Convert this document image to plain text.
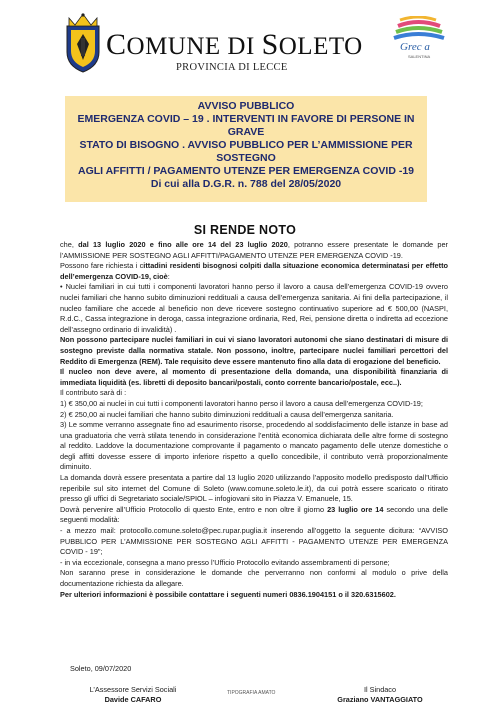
COMUNE DI SOLETO
PROVINCIA DI LECCE
Grec a
SALENTINA

AVVISO PUBBLICO

EMERGENZA COVID – 19 . INTERVENTI IN FAVORE DI PERSONE IN GRAVE

STATO DI BISOGNO . AVVISO PUBBLICO PER L’AMMISSIONE PER SOSTEGNO

AGLI AFFITTI / PAGAMENTO UTENZE PER EMERGENZA COVID -19

Di cui alla D.G.R. n. 788 del 28/05/2020

SI RENDE NOTO

che, dal 13 luglio 2020 e fino alle ore 14 del 23 luglio 2020, potranno essere presentate le domande per l’AMMISSIONE PER SOSTEGNO AGLI AFFITTI/PAGAMENTO UTENZE PER EMERGENZA COVID -19.

Possono fare richiesta i cittadini residenti bisognosi colpiti dalla situazione economica determinatasi per effetto dell’emergenza COVID-19, cioè:

• Nuclei familiari in cui tutti i componenti lavoratori hanno perso il lavoro a causa dell’emergenza COVID-19 ovvero nuclei familiari che hanno subito diminuzioni reddituali a causa dell’emergenza sanitaria. Ai fini della partecipazione, il nucleo familiare che accede al beneficio non deve ricevere sostegno continuativo superiore ad € 500,00 (NASPI, R.d.C., Cassa integrazione in deroga, cassa integrazione ordinaria, Red, Rei, pensione diretta o indiretta ad eccezione dell’assegno ordinario di invalidità) .

Non possono partecipare nuclei familiari in cui vi siano lavoratori autonomi che siano destinatari di misure di sostegno previste dalla normativa statale. Non possono, inoltre, partecipare nuclei familiari percettori del Reddito di Emergenza (REM). Tale requisito deve essere mantenuto fino alla data di erogazione del beneficio.

Il nucleo non deve avere, al momento di presentazione della domanda, una disponibilità finanziaria di immediata liquidità (es. libretti di deposito bancari/postali, conto corrente bancario/postale, ecc..).

Il contributo sarà di :

1) € 350,00 ai nuclei in cui tutti i componenti lavoratori hanno perso il lavoro a causa dell’emergenza COVID-19;

2) € 250,00 ai nuclei familiari che hanno subito diminuzioni reddituali a causa dell’emergenza sanitaria.

3) Le somme verranno assegnate fino ad esaurimento risorse, procedendo al soddisfacimento delle istanze in base ad una graduatoria che verrà stilata tenendo in considerazione l’entità economica dichiarata delle altre forme di sostegno al reddito. Laddove la documentazione comprovante il pagamento o mancato pagamento delle utenze domestiche o degli affitti dovesse essere di importo inferiore rispetto a quello concedibile, il contributo verrà proporzionalmente diminuito.

La domanda dovrà essere presentata a partire dal 13 luglio 2020 utilizzando l’apposito modello predisposto dall’Ufficio reperibile sul sito internet del Comune di Soleto (www.comune.soleto.le.it), da cui potrà essere scaricato o ritirato presso gli uffici di Segretariato sociale/SPIOL – infogiovani sito in Piazza V. Emanuele, 15.

Dovrà pervenire all’Ufficio Protocollo di questo Ente, entro e non oltre il giorno 23 luglio ore 14 secondo una delle seguenti modalità:

- a mezzo mail: protocollo.comune.soleto@pec.rupar.puglia.it inserendo all’oggetto la seguente dicitura: “AVVISO PUBBLICO PER L’AMMISSIONE PER SOSTEGNO AGLI AFFITTI - PAGAMENTO UTENZE PER EMERGENZA COVID - 19”;

- in via eccezionale, consegna a mano presso l’Ufficio Protocollo evitando assembramenti di persone;

Non saranno prese in considerazione le domande che perverranno non conformi al modulo o prive della documentazione richiesta da allegare.

Per ulteriori informazioni è possibile contattare i seguenti numeri 0836.1904151 o il 320.6315602.

Soleto, 09/07/2020
L’Assessore Servizi Sociali
Davide CAFARO
TIPOGRAFIA AMATO	Il Sindaco
Graziano VANTAGGIATO
